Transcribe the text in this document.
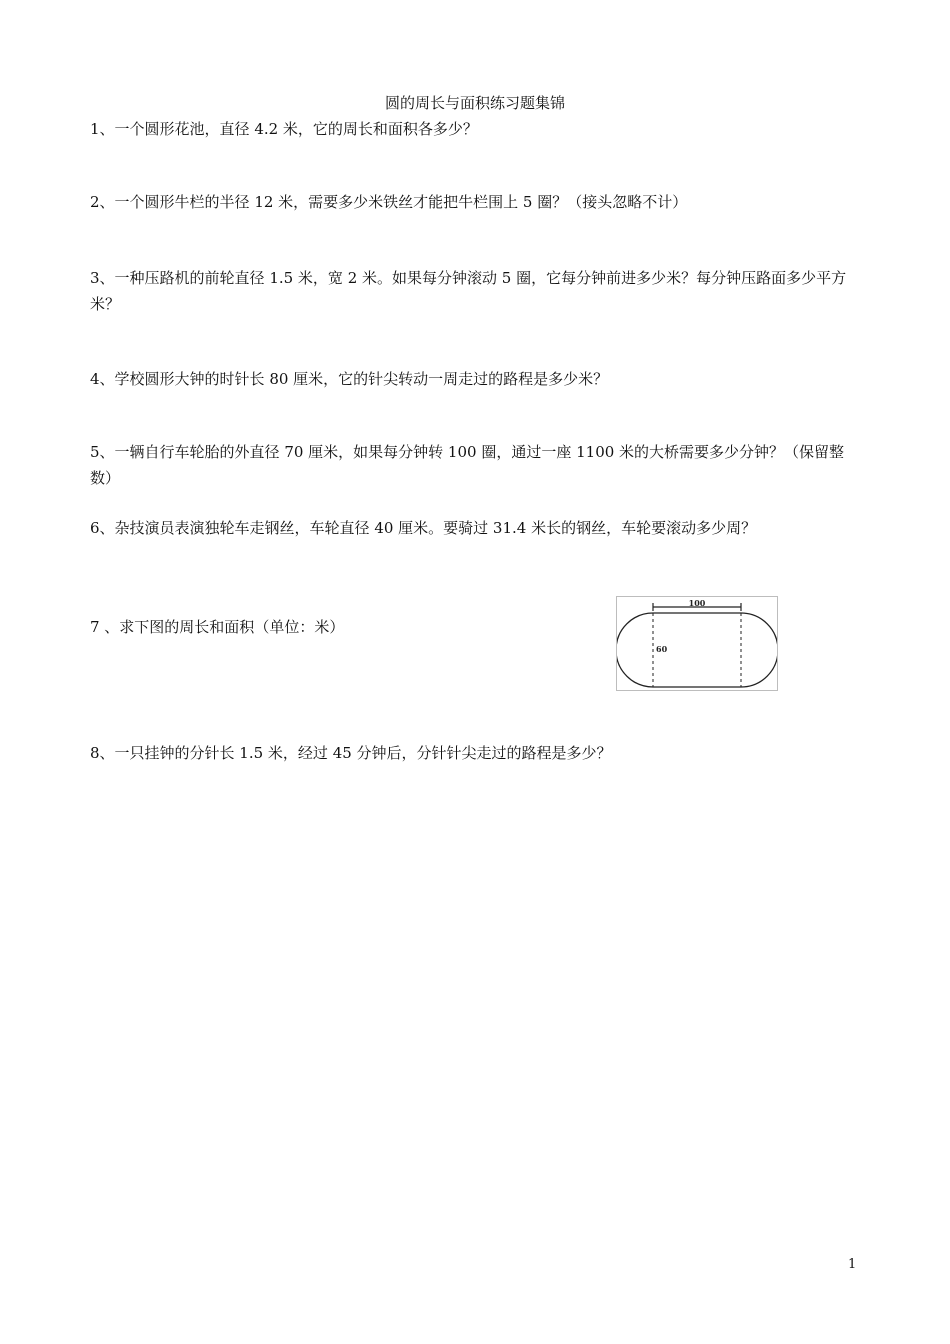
圆的周长与面积练习题集锦
1、一个圆形花池，直径 4.2 米，它的周长和面积各多少？
2、一个圆形牛栏的半径 12 米，需要多少米铁丝才能把牛栏围上 5 圈？（接头忽略不计）
3、一种压路机的前轮直径 1.5 米，宽 2 米。如果每分钟滚动 5 圈，它每分钟前进多少米？每分钟压路面多少平方米？
4、学校圆形大钟的时针长 80 厘米，它的针尖转动一周走过的路程是多少米？
5、一辆自行车轮胎的外直径 70 厘米，如果每分钟转 100 圈，通过一座 1100 米的大桥需要多少分钟？（保留整数）
6、杂技演员表演独轮车走钢丝，车轮直径 40 厘米。要骑过 31.4 米长的钢丝，车轮要滚动多少周？
7 、求下图的周长和面积（单位：米）
100
60
8、一只挂钟的分针长 1.5 米，经过 45 分钟后，分针针尖走过的路程是多少？
1
